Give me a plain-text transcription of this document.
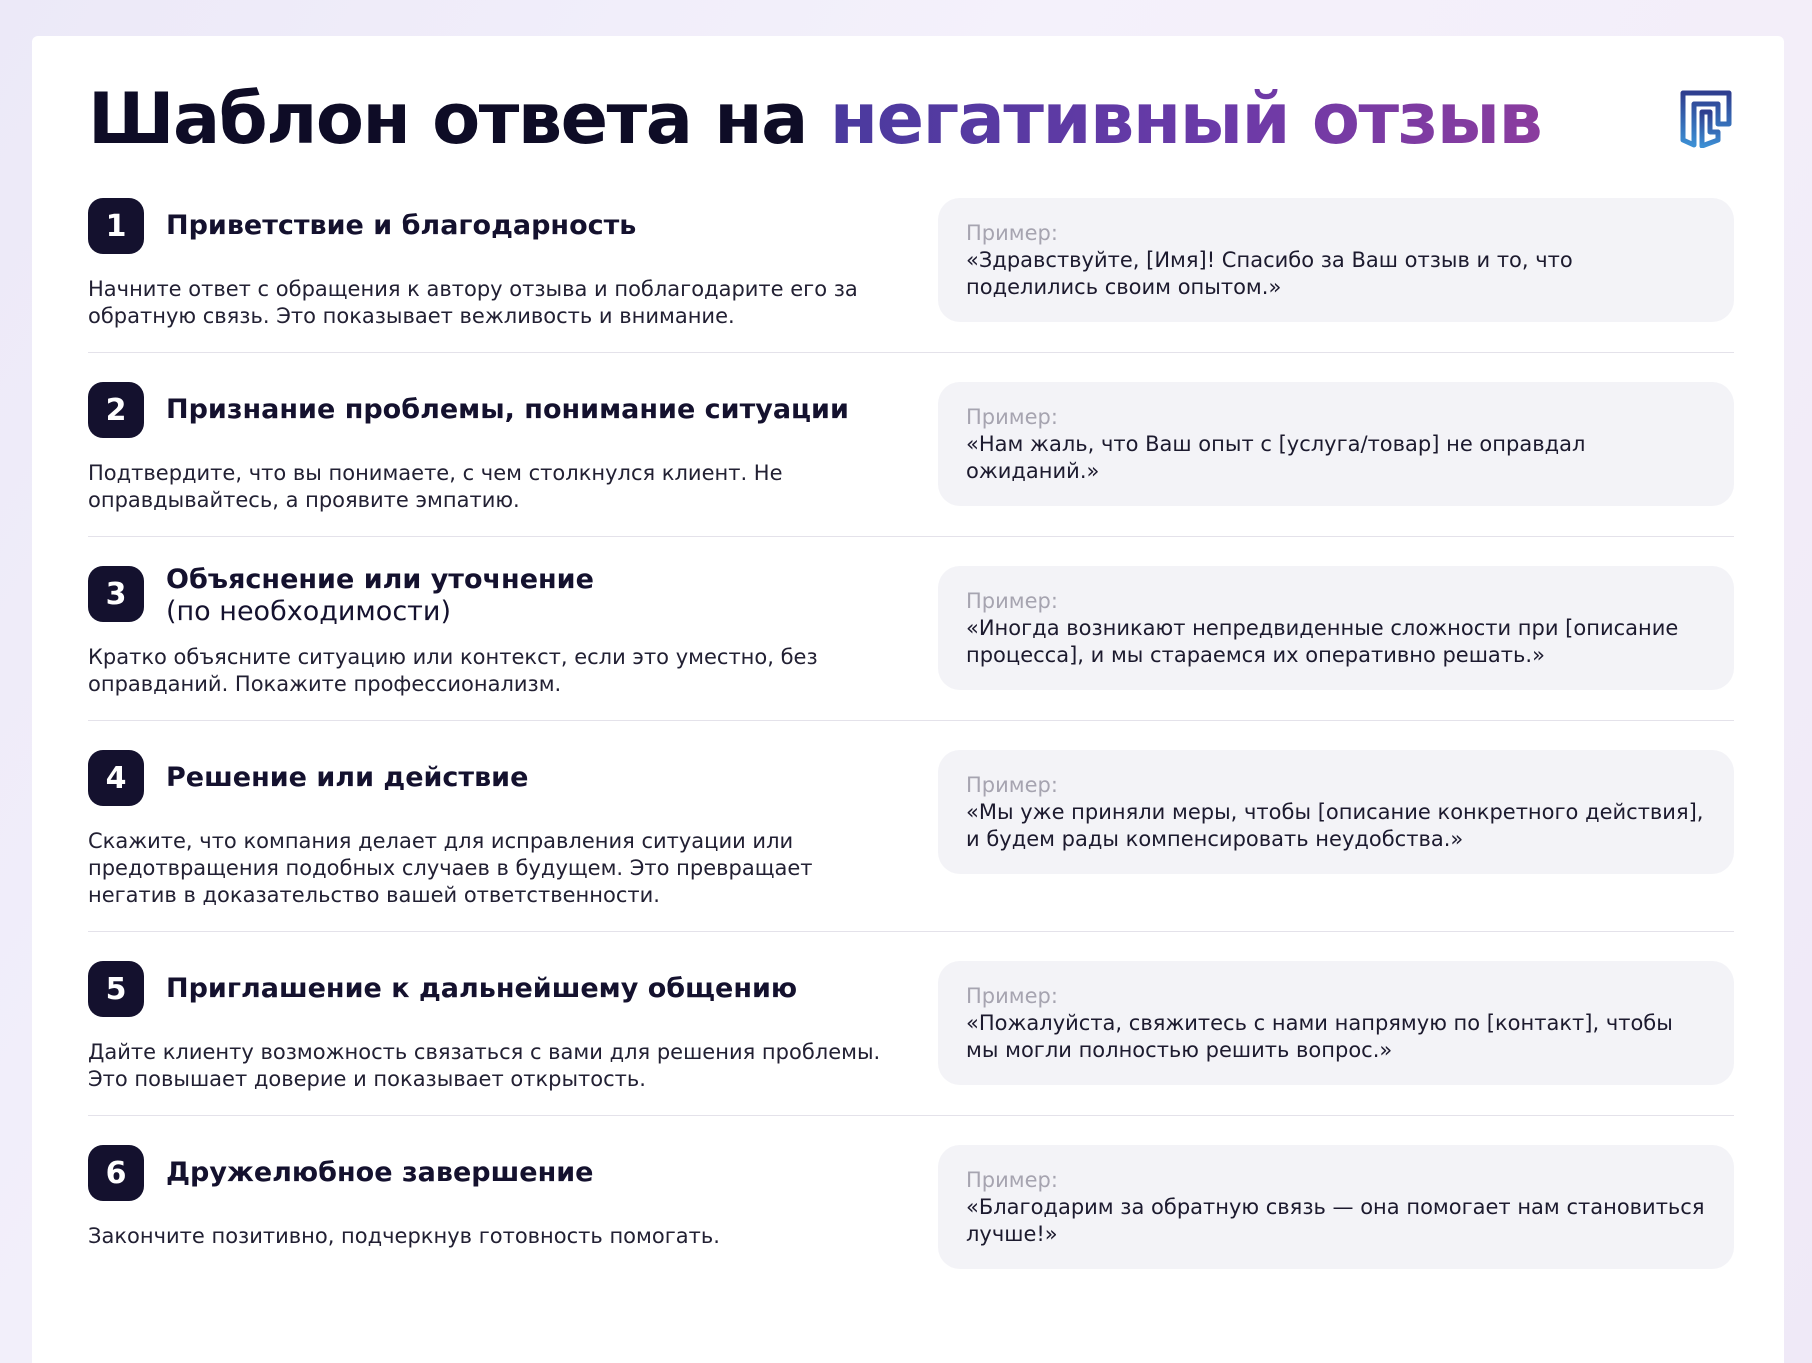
Шаблон ответа на негативный отзыв
1	Приветствие и благодарность
Начните ответ с обращения к автору отзыва и поблагодарите его за обратную связь. Это показывает вежливость и внимание.
Пример:
«Здравствуйте, [Имя]! Спасибо за Ваш отзыв и то, что поделились своим опытом.»
2	Признание проблемы, понимание ситуации
Подтвердите, что вы понимаете, с чем столкнулся клиент. Не оправдывайтесь, а проявите эмпатию.
Пример:
«Нам жаль, что Ваш опыт с [услуга/товар] не оправдал ожиданий.»
3	Объяснение или уточнение
(по необходимости)
Кратко объясните ситуацию или контекст, если это уместно, без оправданий. Покажите профессионализм.
Пример:
«Иногда возникают непредвиденные сложности при [описание процесса], и мы стараемся их оперативно решать.»
4	Решение или действие
Скажите, что компания делает для исправления ситуации или предотвращения подобных случаев в будущем. Это превращает негатив в доказательство вашей ответственности.
Пример:
«Мы уже приняли меры, чтобы [описание конкретного действия], и будем рады компенсировать неудобства.»
5	Приглашение к дальнейшему общению
Дайте клиенту возможность связаться с вами для решения проблемы. Это повышает доверие и показывает открытость.
Пример:
«Пожалуйста, свяжитесь с нами напрямую по [контакт], чтобы мы могли полностью решить вопрос.»
6	Дружелюбное завершение
Закончите позитивно, подчеркнув готовность помогать.
Пример:
«Благодарим за обратную связь — она помогает нам становиться лучше!»
